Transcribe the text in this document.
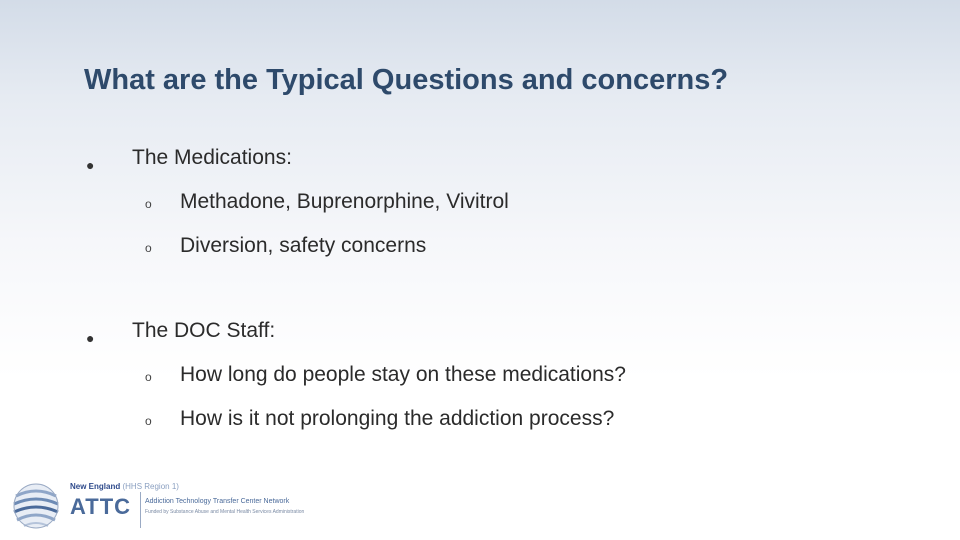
What are the Typical Questions and concerns?
● The Medications:
o Methadone, Buprenorphine, Vivitrol
o Diversion, safety concerns
● The DOC Staff:
o How long do people stay on these medications?
o How is it not prolonging the addiction process?
New England (HHS Region 1)
ATTC Addiction Technology Transfer Center Network
Funded by Substance Abuse and Mental Health Services Administration
